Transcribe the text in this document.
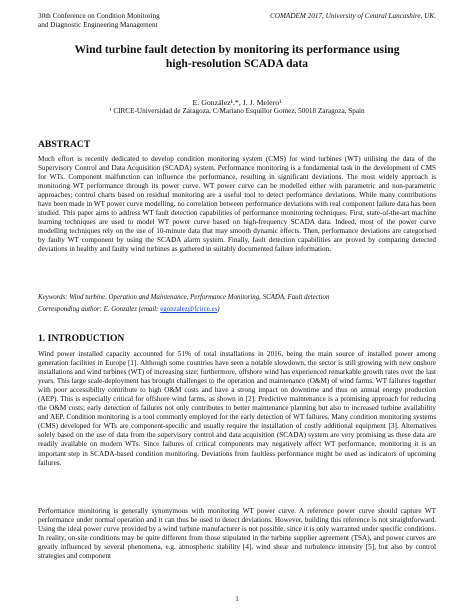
30th Conference on Condition Monitoring
and Diagnostic Engineering Management
COMADEM 2017, University of Central Lancashire, UK.
Wind turbine fault detection by monitoring its performance using
high-resolution SCADA data
E. González¹,*, J. J. Melero¹
¹ CIRCE-Universidad de Zaragoza, C/Mariano Esquillor Gomez, 50018 Zaragoza, Spain
ABSTRACT

Much effort is recently dedicated to develop condition monitoring system (CMS) for wind turbines (WT) utilising the data of the Supervisory Control and Data Acquisition (SCADA) system. Performance monitoring is a fundamental task in the development of CMS for WTs. Component malfunction can influence the performance, resulting in significant deviations. The most widely approach is monitoring WT performance through its power curve. WT power curve can be modelled either with parametric and non-parametric approaches; control charts based on residual monitoring are a useful tool to detect performance deviations. While many contributions have been made in WT power curve modelling, no correlation between performance deviations with real component failure data has been studied. This paper aims to address WT fault detection capabilities of performance monitoring techniques. First, state-of-the-art machine learning techniques are used to model WT power curve based on high-frequency SCADA data. Indeed, most of the power curve modelling techniques rely on the use of 10-minute data that may smooth dynamic effects. Then, performance deviations are categorised by faulty WT component by using the SCADA alarm system. Finally, fault detection capabilities are proved by comparing detected deviations in healthy and faulty wind turbines as gathered in suitably documented failure information.

Keywords: Wind turbine, Operation and Maintenance, Performance Monitoring, SCADA, Fault detection
Corresponding author: E. Gonzalez (email: egonzalez@fcirce.es)
1. INTRODUCTION

Wind power installed capacity accounted for 51% of total installations in 2016, being the main source of installed power among generation facilities in Europe [1]. Although some countries have seen a notable slowdown, the sector is still growing with new onshore installations and wind turbines (WT) of increasing size; furthermore, offshore wind has experienced remarkable growth rates over the last years. This large scale-deployment has brought challenges to the operation and maintenance (O&M) of wind farms. WT failures together with poor accessibility contribute to high O&M costs and have a strong impact on downtime and thus on annual energy production (AEP). This is especially critical for offshore wind farms, as shown in [2]. Predictive maintenance is a promising approach for reducing the O&M costs; early detection of failures not only contributes to better maintenance planning but also to increased turbine availability and AEP. Condition monitoring is a tool commonly employed for the early detection of WT failures. Many condition monitoring systems (CMS) developed for WTs are component-specific and usually require the installation of costly additional equipment [3]. Alternatives solely based on the use of data from the supervisory control and data acquisition (SCADA) system are very promising as these data are readily available on modern WTs. Since failures of critical components may negatively affect WT performance, monitoring it is an important step in SCADA-based condition monitoring. Deviations from faultless performance might be used as indicators of upcoming failures.

Performance monitoring is generally synonymous with monitoring WT power curve. A reference power curve should capture WT performance under normal operation and it can thus be used to detect deviations. However, building this reference is not straightforward. Using the ideal power curve provided by a wind turbine manufacturer is not possible, since it is only warranted under specific conditions. In reality, on-site conditions may be quite different from those stipulated in the turbine supplier agreement (TSA), and power curves are greatly influenced by several phenomena, e.g. atmospheric stability [4], wind shear and turbulence intensity [5], but also by control strategies and component

1
